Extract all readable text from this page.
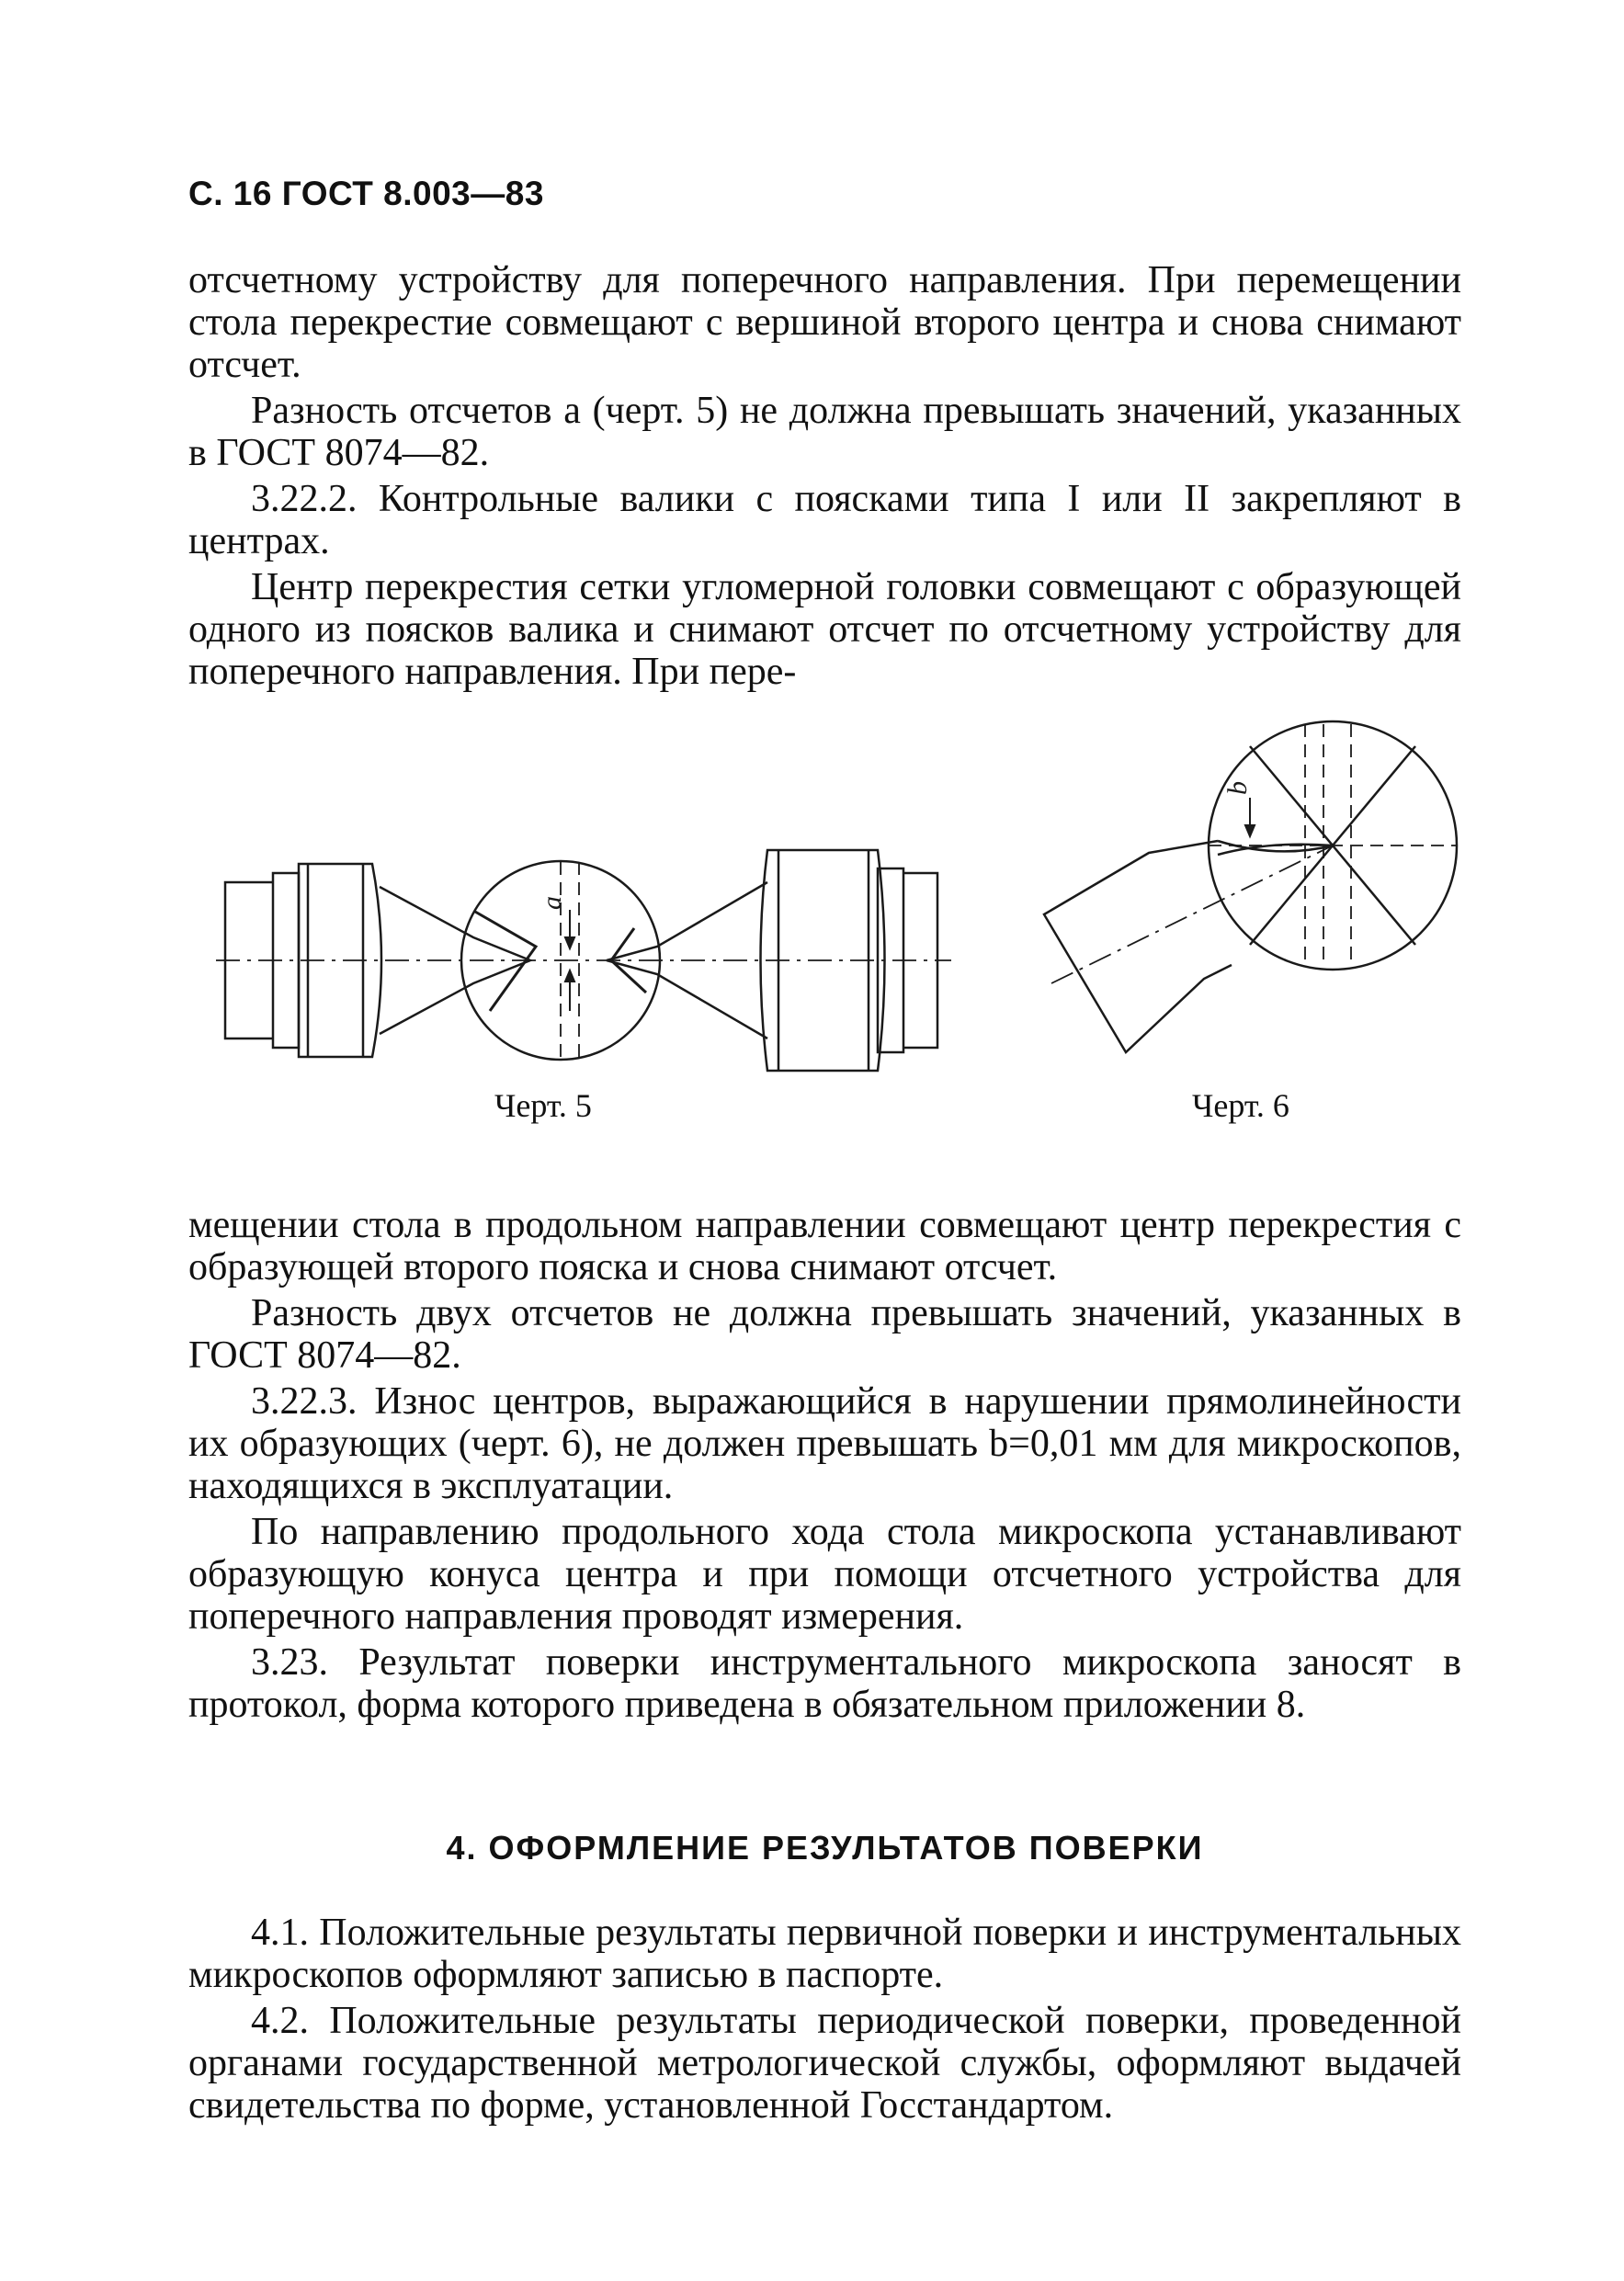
С. 16 ГОСТ 8.003—83

отсчетному устройству для поперечного направления. При перемещении стола перекрестие совмещают с вершиной второго центра и снова снимают отсчет.

Разность отсчетов a (черт. 5) не должна превышать значений, указанных в ГОСТ 8074—82.

3.22.2. Контрольные валики с поясками типа I или II закрепляют в центрах.

Центр перекрестия сетки угломерной головки совмещают с образующей одного из поясков валика и снимают отсчет по отсчетному устройству для поперечного направления. При пере-

a
Черт. 5
b
Черт. 6

мещении стола в продольном направлении совмещают центр перекрестия с образующей второго пояска и снова снимают отсчет.

Разность двух отсчетов не должна превышать значений, указанных в ГОСТ 8074—82.

3.22.3. Износ центров, выражающийся в нарушении прямолинейности их образующих (черт. 6), не должен превышать b=0,01 мм для микроскопов, находящихся в эксплуатации.

По направлению продольного хода стола микроскопа устанавливают образующую конуса центра и при помощи отсчетного устройства для поперечного направления проводят измерения.

3.23. Результат поверки инструментального микроскопа заносят в протокол, форма которого приведена в обязательном приложении 8.

4. ОФОРМЛЕНИЕ РЕЗУЛЬТАТОВ ПОВЕРКИ

4.1. Положительные результаты первичной поверки и инструментальных микроскопов оформляют записью в паспорте.

4.2. Положительные результаты периодической поверки, проведенной органами государственной метрологической службы, оформляют выдачей свидетельства по форме, установленной Госстандартом.
